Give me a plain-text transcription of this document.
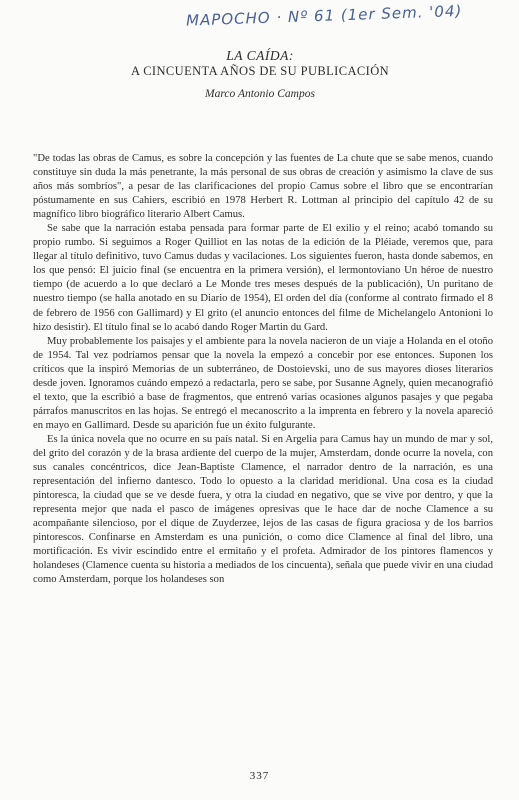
MAPOCHO · Nº 61 (1er Sem. '04)
LA CAÍDA:
A CINCUENTA AÑOS DE SU PUBLICACIÓN
Marco Antonio Campos

"De todas las obras de Camus, es sobre la concepción y las fuentes de La chute que se sabe menos, cuando constituye sin duda la más penetrante, la más personal de sus obras de creación y asimismo la clave de sus años más sombríos", a pesar de las clarificaciones del propio Camus sobre el libro que se encontrarían póstumamente en sus Cahiers, escribió en 1978 Herbert R. Lottman al principio del capítulo 42 de su magnífico libro biográfico literario Albert Camus.

Se sabe que la narración estaba pensada para formar parte de El exilio y el reino; acabó tomando su propio rumbo. Si seguimos a Roger Quilliot en las notas de la edición de la Pléiade, veremos que, para llegar al título definitivo, tuvo Camus dudas y vacilaciones. Los siguientes fueron, hasta donde sabemos, en los que pensó: El juicio final (se encuentra en la primera versión), el lermontoviano Un héroe de nuestro tiempo (de acuerdo a lo que declaró a Le Monde tres meses después de la publicación), Un puritano de nuestro tiempo (se halla anotado en su Diario de 1954), El orden del día (conforme al contrato firmado el 8 de febrero de 1956 con Gallimard) y El grito (el anuncio entonces del filme de Michelangelo Antonioni lo hizo desistir). El título final se lo acabó dando Roger Martin du Gard.

Muy probablemente los paisajes y el ambiente para la novela nacieron de un viaje a Holanda en el otoño de 1954. Tal vez podríamos pensar que la novela la empezó a concebir por ese entonces. Suponen los críticos que la inspiró Memorias de un subterráneo, de Dostoievski, uno de sus mayores dioses literarios desde joven. Ignoramos cuándo empezó a redactarla, pero se sabe, por Susanne Agnely, quien mecanografió el texto, que la escribió a base de fragmentos, que entrenó varias ocasiones algunos pasajes y que pegaba párrafos manuscritos en las hojas. Se entregó el mecanoscrito a la imprenta en febrero y la novela apareció en mayo en Gallimard. Desde su aparición fue un éxito fulgurante.

Es la única novela que no ocurre en su país natal. Si en Argelia para Camus hay un mundo de mar y sol, del grito del corazón y de la brasa ardiente del cuerpo de la mujer, Amsterdam, donde ocurre la novela, con sus canales concéntricos, dice Jean-Baptiste Clamence, el narrador dentro de la narración, es una representación del infierno dantesco. Todo lo opuesto a la claridad meridional. Una cosa es la ciudad pintoresca, la ciudad que se ve desde fuera, y otra la ciudad en negativo, que se vive por dentro, y que la representa mejor que nada el pasco de imágenes opresivas que le hace dar de noche Clamence a su acompañante silencioso, por el dique de Zuyderzee, lejos de las casas de figura graciosa y de los barrios pintorescos. Confinarse en Amsterdam es una punición, o como dice Clamence al final del libro, una mortificación. Es vivir escindido entre el ermitaño y el profeta. Admirador de los pintores flamencos y holandeses (Clamence cuenta su historia a mediados de los cincuenta), señala que puede vivir en una ciudad como Amsterdam, porque los holandeses son

337
